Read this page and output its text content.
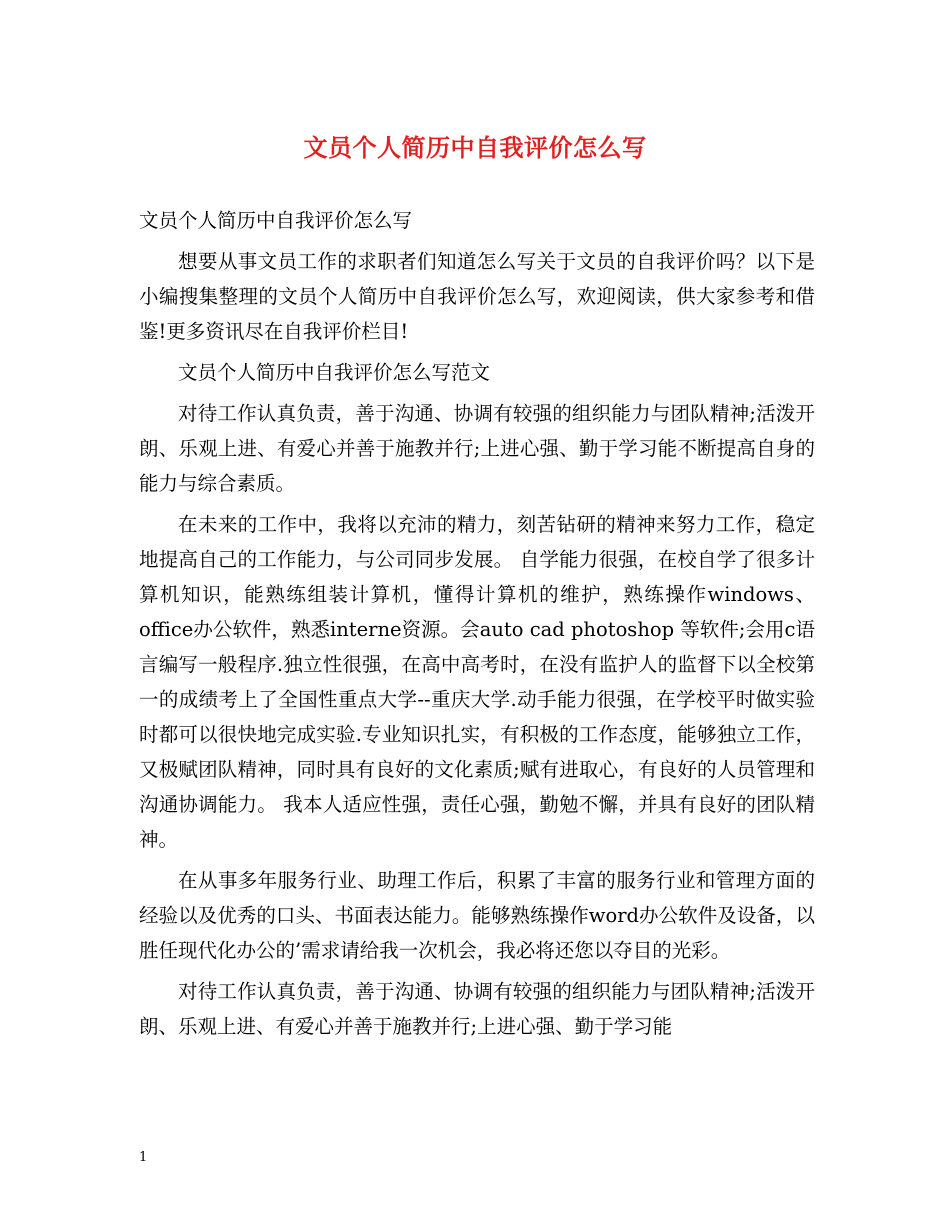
文员个人简历中自我评价怎么写

文员个人简历中自我评价怎么写

想要从事文员工作的求职者们知道怎么写关于文员的自我评价吗？以下是小编搜集整理的文员个人简历中自我评价怎么写，欢迎阅读，供大家参考和借鉴!更多资讯尽在自我评价栏目!

文员个人简历中自我评价怎么写范文

对待工作认真负责，善于沟通、协调有较强的组织能力与团队精神;活泼开朗、乐观上进、有爱心并善于施教并行;上进心强、勤于学习能不断提高自身的能力与综合素质。

在未来的工作中，我将以充沛的精力，刻苦钻研的精神来努力工作，稳定地提高自己的工作能力，与公司同步发展。 自学能力很强，在校自学了很多计算机知识，能熟练组装计算机，懂得计算机的维护，熟练操作windows、office办公软件，熟悉interne资源。会auto cad photoshop 等软件;会用c语言编写一般程序.独立性很强，在高中高考时，在没有监护人的监督下以全校第一的成绩考上了全国性重点大学--重庆大学.动手能力很强，在学校平时做实验时都可以很快地完成实验.专业知识扎实，有积极的工作态度，能够独立工作，又极赋团队精神，同时具有良好的文化素质;赋有进取心，有良好的人员管理和沟通协调能力。 我本人适应性强，责任心强，勤勉不懈，并具有良好的团队精神。

在从事多年服务行业、助理工作后，积累了丰富的服务行业和管理方面的经验以及优秀的口头、书面表达能力。能够熟练操作word办公软件及设备，以胜任现代化办公的’需求请给我一次机会，我必将还您以夺目的光彩。

对待工作认真负责，善于沟通、协调有较强的组织能力与团队精神;活泼开朗、乐观上进、有爱心并善于施教并行;上进心强、勤于学习能

1
